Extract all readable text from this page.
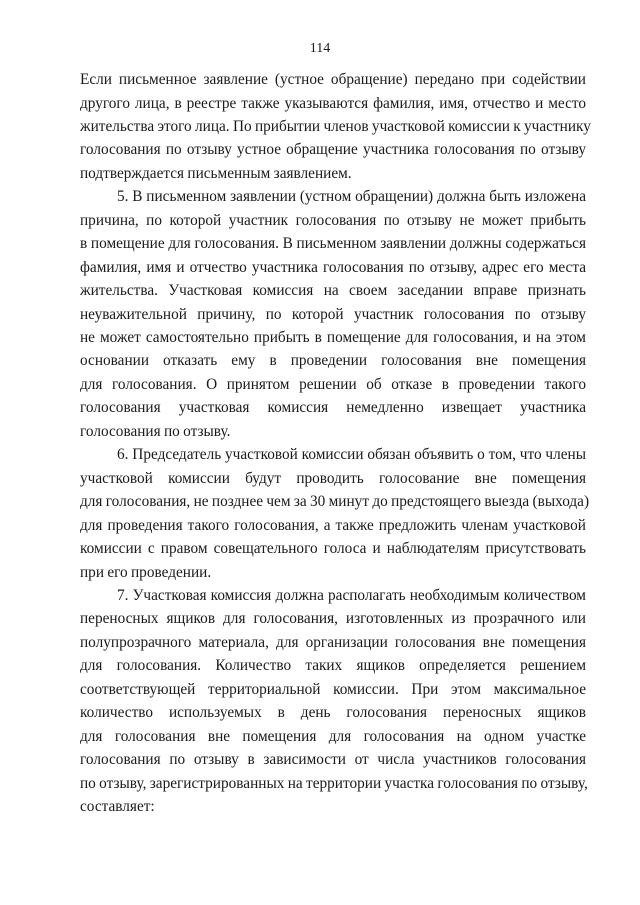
114
Если письменное заявление (устное обращение) передано при содействии
другого лица, в реестре также указываются фамилия, имя, отчество и место
жительства этого лица. По прибытии членов участковой комиссии к участнику
голосования по отзыву устное обращение участника голосования по отзыву
подтверждается письменным заявлением.
5. В письменном заявлении (устном обращении) должна быть изложена
причина, по которой участник голосования по отзыву не может прибыть
в помещение для голосования. В письменном заявлении должны содержаться
фамилия, имя и отчество участника голосования по отзыву, адрес его места
жительства. Участковая комиссия на своем заседании вправе признать
неуважительной причину, по которой участник голосования по отзыву
не может самостоятельно прибыть в помещение для голосования, и на этом
основании отказать ему в проведении голосования вне помещения
для голосования. О принятом решении об отказе в проведении такого
голосования участковая комиссия немедленно извещает участника
голосования по отзыву.
6. Председатель участковой комиссии обязан объявить о том, что члены
участковой комиссии будут проводить голосование вне помещения
для голосования, не позднее чем за 30 минут до предстоящего выезда (выхода)
для проведения такого голосования, а также предложить членам участковой
комиссии с правом совещательного голоса и наблюдателям присутствовать
при его проведении.
7. Участковая комиссия должна располагать необходимым количеством
переносных ящиков для голосования, изготовленных из прозрачного или
полупрозрачного материала, для организации голосования вне помещения
для голосования. Количество таких ящиков определяется решением
соответствующей территориальной комиссии. При этом максимальное
количество используемых в день голосования переносных ящиков
для голосования вне помещения для голосования на одном участке
голосования по отзыву в зависимости от числа участников голосования
по отзыву, зарегистрированных на территории участка голосования по отзыву,
составляет:
